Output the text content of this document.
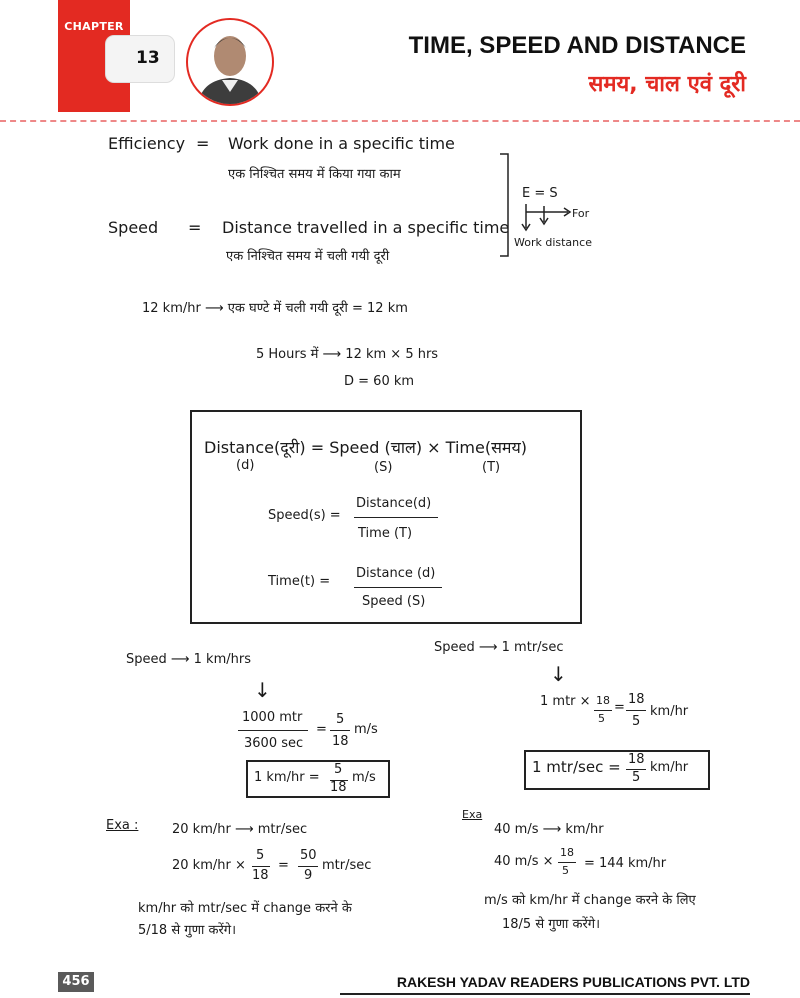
CHAPTER
13	TIME, SPEED AND DISTANCE
समय, चाल एवं दूरी
Efficiency = Work done in a specific time
एक निश्चित समय में किया गया काम
Speed = Distance travelled in a specific time
एक निश्चित समय में चली गयी दूरी
E = S
For
Work distance
12 km/hr ⟶ एक घण्टे में चली गयी दूरी = 12 km
5 Hours में ⟶ 12 km × 5 hrs
D = 60 km
Distance(दूरी) = Speed (चाल) × Time(समय)
(d)	(S)	(T)
Speed(s) =
Distance(d)
Time (T)
Time(t) =
Distance (d)
Speed (S)
Speed ⟶ 1 km/hrs
↓
1000 mtr
3600 sec
=
5
18
m/s
1 km/hr =
5
18
m/s
Speed ⟶ 1 mtr/sec
↓
1 mtr × 18
5
=
18
5
km/hr
1 mtr/sec = 18
5
km/hr
Exa :	20 km/hr ⟶ mtr/sec
20 km/hr ×
5
18
=
50
9
mtr/sec
km/hr को mtr/sec में change करने के
5/18 से गुणा करेंगे।
Exa
40 m/s ⟶ km/hr
40 m/s ×
18
5 = 144 km/hr
m/s को km/hr में change करने के लिए
18/5 से गुणा करेंगे।
456	RAKESH YADAV READERS PUBLICATIONS PVT. LTD
